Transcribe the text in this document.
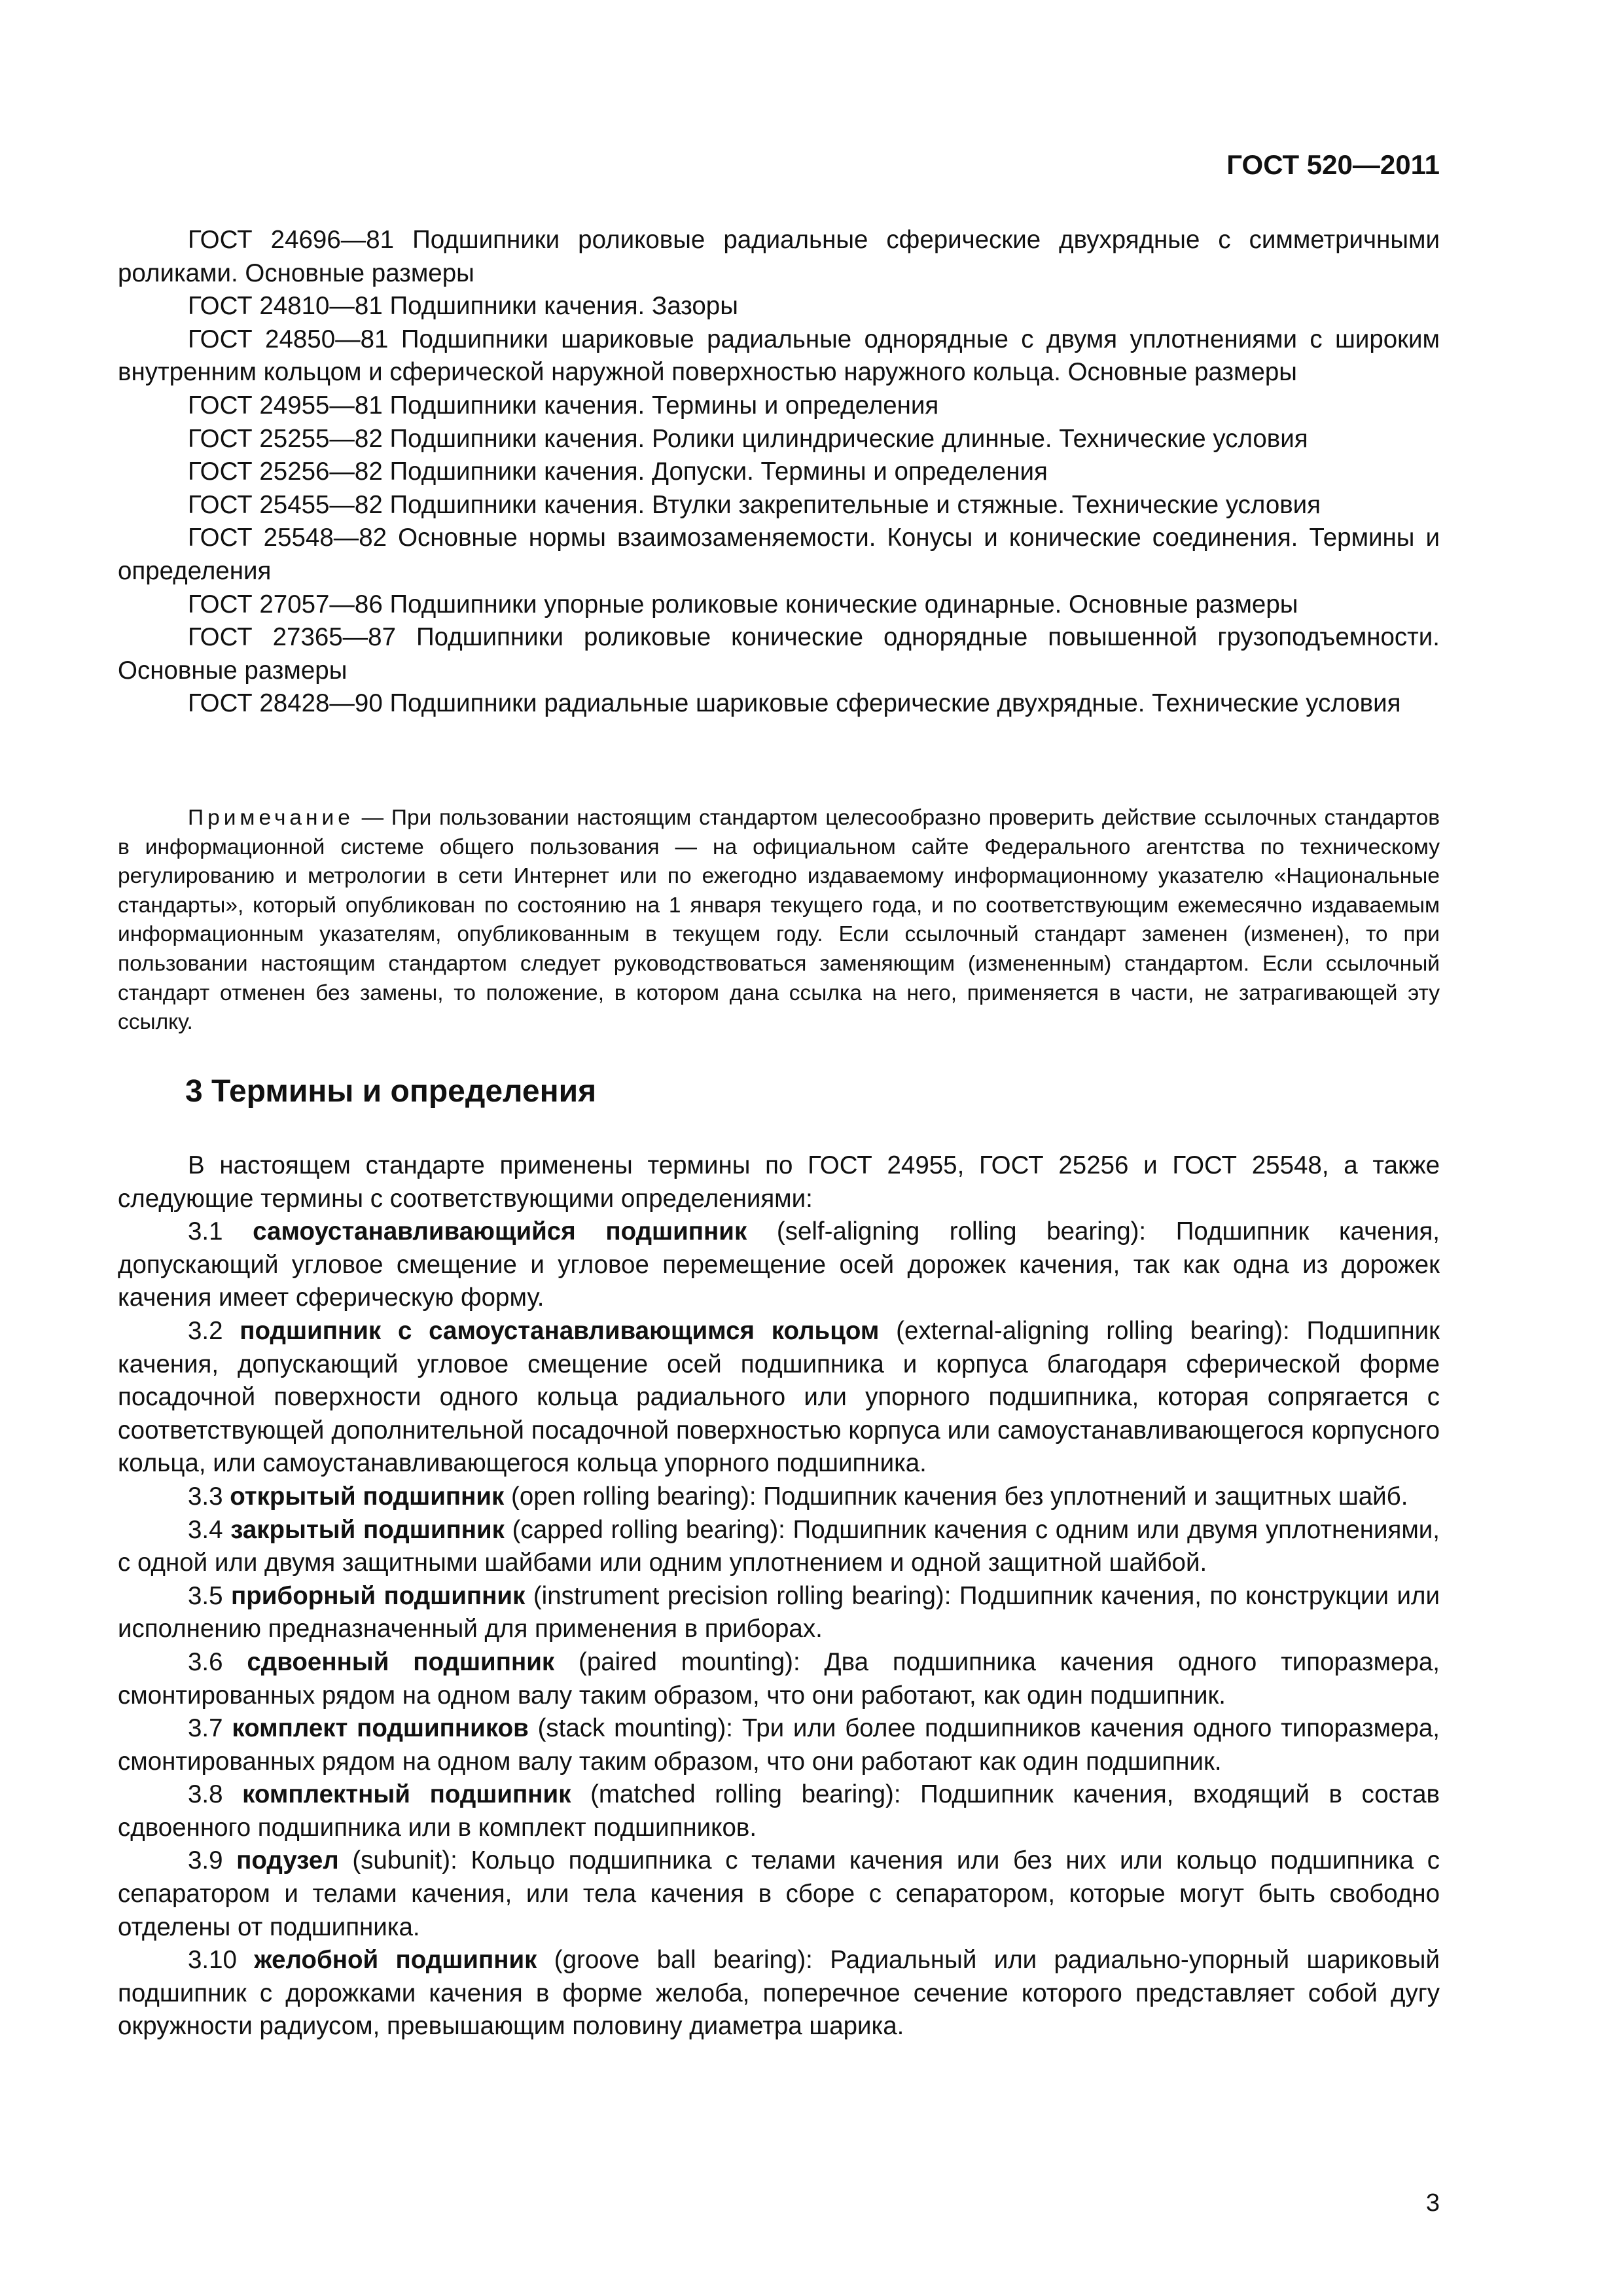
ГОСТ 520—2011

ГОСТ 24696—81 Подшипники роликовые радиальные сферические двухрядные с симметричными роликами. Основные размеры

ГОСТ 24810—81 Подшипники качения. Зазоры

ГОСТ 24850—81 Подшипники шариковые радиальные однорядные с двумя уплотнениями с широким внутренним кольцом и сферической наружной поверхностью наружного кольца. Основные размеры

ГОСТ 24955—81 Подшипники качения. Термины и определения

ГОСТ 25255—82 Подшипники качения. Ролики цилиндрические длинные. Технические условия

ГОСТ 25256—82 Подшипники качения. Допуски. Термины и определения

ГОСТ 25455—82 Подшипники качения. Втулки закрепительные и стяжные. Технические условия

ГОСТ 25548—82 Основные нормы взаимозаменяемости. Конусы и конические соединения. Термины и определения

ГОСТ 27057—86 Подшипники упорные роликовые конические одинарные. Основные размеры

ГОСТ 27365—87 Подшипники роликовые конические однорядные повышенной грузоподъемности. Основные размеры

ГОСТ 28428—90 Подшипники радиальные шариковые сферические двухрядные. Технические условия

Примечание — При пользовании настоящим стандартом целесообразно проверить действие ссылочных стандартов в информационной системе общего пользования — на официальном сайте Федерального агентства по техническому регулированию и метрологии в сети Интернет или по ежегодно издаваемому информационному указателю «Национальные стандарты», который опубликован по состоянию на 1 января текущего года, и по соответствующим ежемесячно издаваемым информационным указателям, опубликованным в текущем году. Если ссылочный стандарт заменен (изменен), то при пользовании настоящим стандартом следует руководствоваться заменяющим (измененным) стандартом. Если ссылочный стандарт отменен без замены, то положение, в котором дана ссылка на него, применяется в части, не затрагивающей эту ссылку.

3 Термины и определения

В настоящем стандарте применены термины по ГОСТ 24955, ГОСТ 25256 и ГОСТ 25548, а также следующие термины с соответствующими определениями:

3.1 самоустанавливающийся подшипник (self-aligning rolling bearing): Подшипник качения, допускающий угловое смещение и угловое перемещение осей дорожек качения, так как одна из дорожек качения имеет сферическую форму.

3.2 подшипник с самоустанавливающимся кольцом (external-aligning rolling bearing): Подшипник качения, допускающий угловое смещение осей подшипника и корпуса благодаря сферической форме посадочной поверхности одного кольца радиального или упорного подшипника, которая сопрягается с соответствующей дополнительной посадочной поверхностью корпуса или самоустанавливающегося корпусного кольца, или самоустанавливающегося кольца упорного подшипника.

3.3 открытый подшипник (open rolling bearing): Подшипник качения без уплотнений и защитных шайб.

3.4 закрытый подшипник (capped rolling bearing): Подшипник качения с одним или двумя уплотнениями, с одной или двумя защитными шайбами или одним уплотнением и одной защитной шайбой.

3.5 приборный подшипник (instrument precision rolling bearing): Подшипник качения, по конструкции или исполнению предназначенный для применения в приборах.

3.6 сдвоенный подшипник (paired mounting): Два подшипника качения одного типоразмера, смонтированных рядом на одном валу таким образом, что они работают, как один подшипник.

3.7 комплект подшипников (stack mounting): Три или более подшипников качения одного типоразмера, смонтированных рядом на одном валу таким образом, что они работают как один подшипник.

3.8 комплектный подшипник (matched rolling bearing): Подшипник качения, входящий в состав сдвоенного подшипника или в комплект подшипников.

3.9 подузел (subunit): Кольцо подшипника с телами качения или без них или кольцо подшипника с сепаратором и телами качения, или тела качения в сборе с сепаратором, которые могут быть свободно отделены от подшипника.

3.10 желобной подшипник (groove ball bearing): Радиальный или радиально-упорный шариковый подшипник с дорожками качения в форме желоба, поперечное сечение которого представляет собой дугу окружности радиусом, превышающим половину диаметра шарика.

3
